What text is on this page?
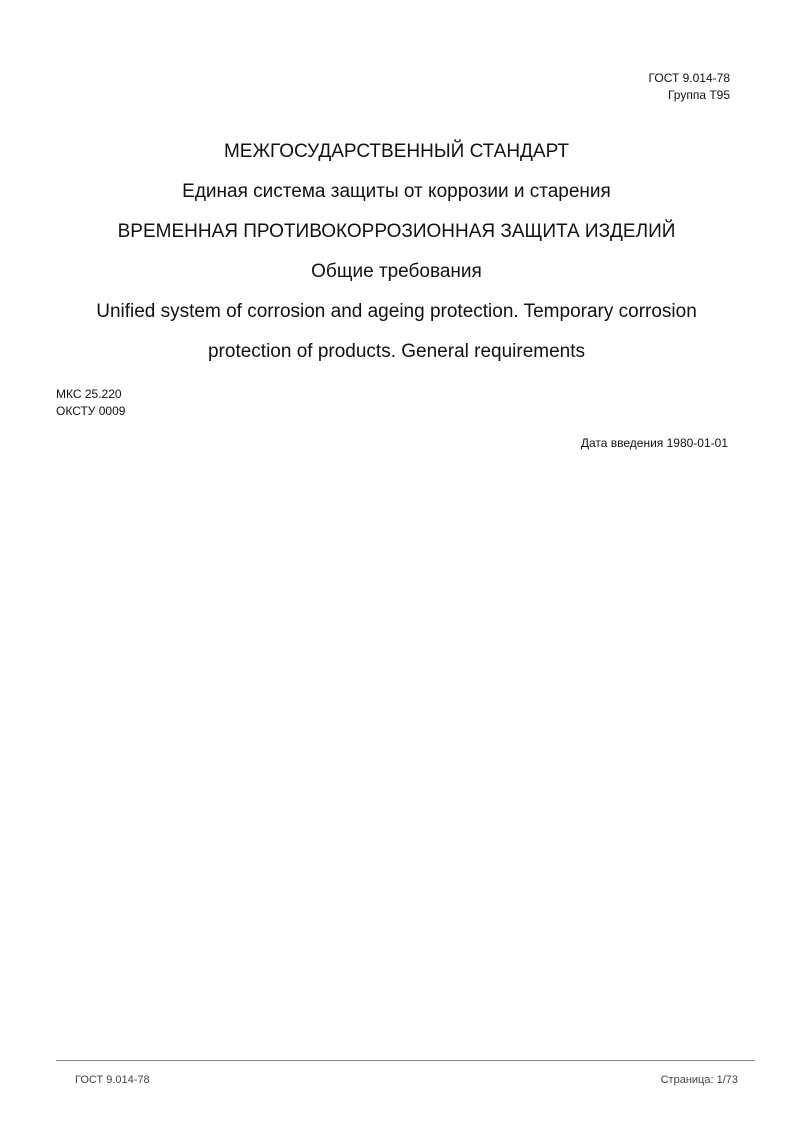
ГОСТ 9.014-78
Группа Т95
МЕЖГОСУДАРСТВЕННЫЙ СТАНДАРТ
Единая система защиты от коррозии и старения
ВРЕМЕННАЯ ПРОТИВОКОРРОЗИОННАЯ ЗАЩИТА ИЗДЕЛИЙ
Общие требования
Unified system of corrosion and ageing protection. Temporary corrosion
protection of products. General requirements
МКС 25.220
ОКСТУ 0009
Дата введения 1980-01-01
ГОСТ 9.014-78	Страница: 1/73
